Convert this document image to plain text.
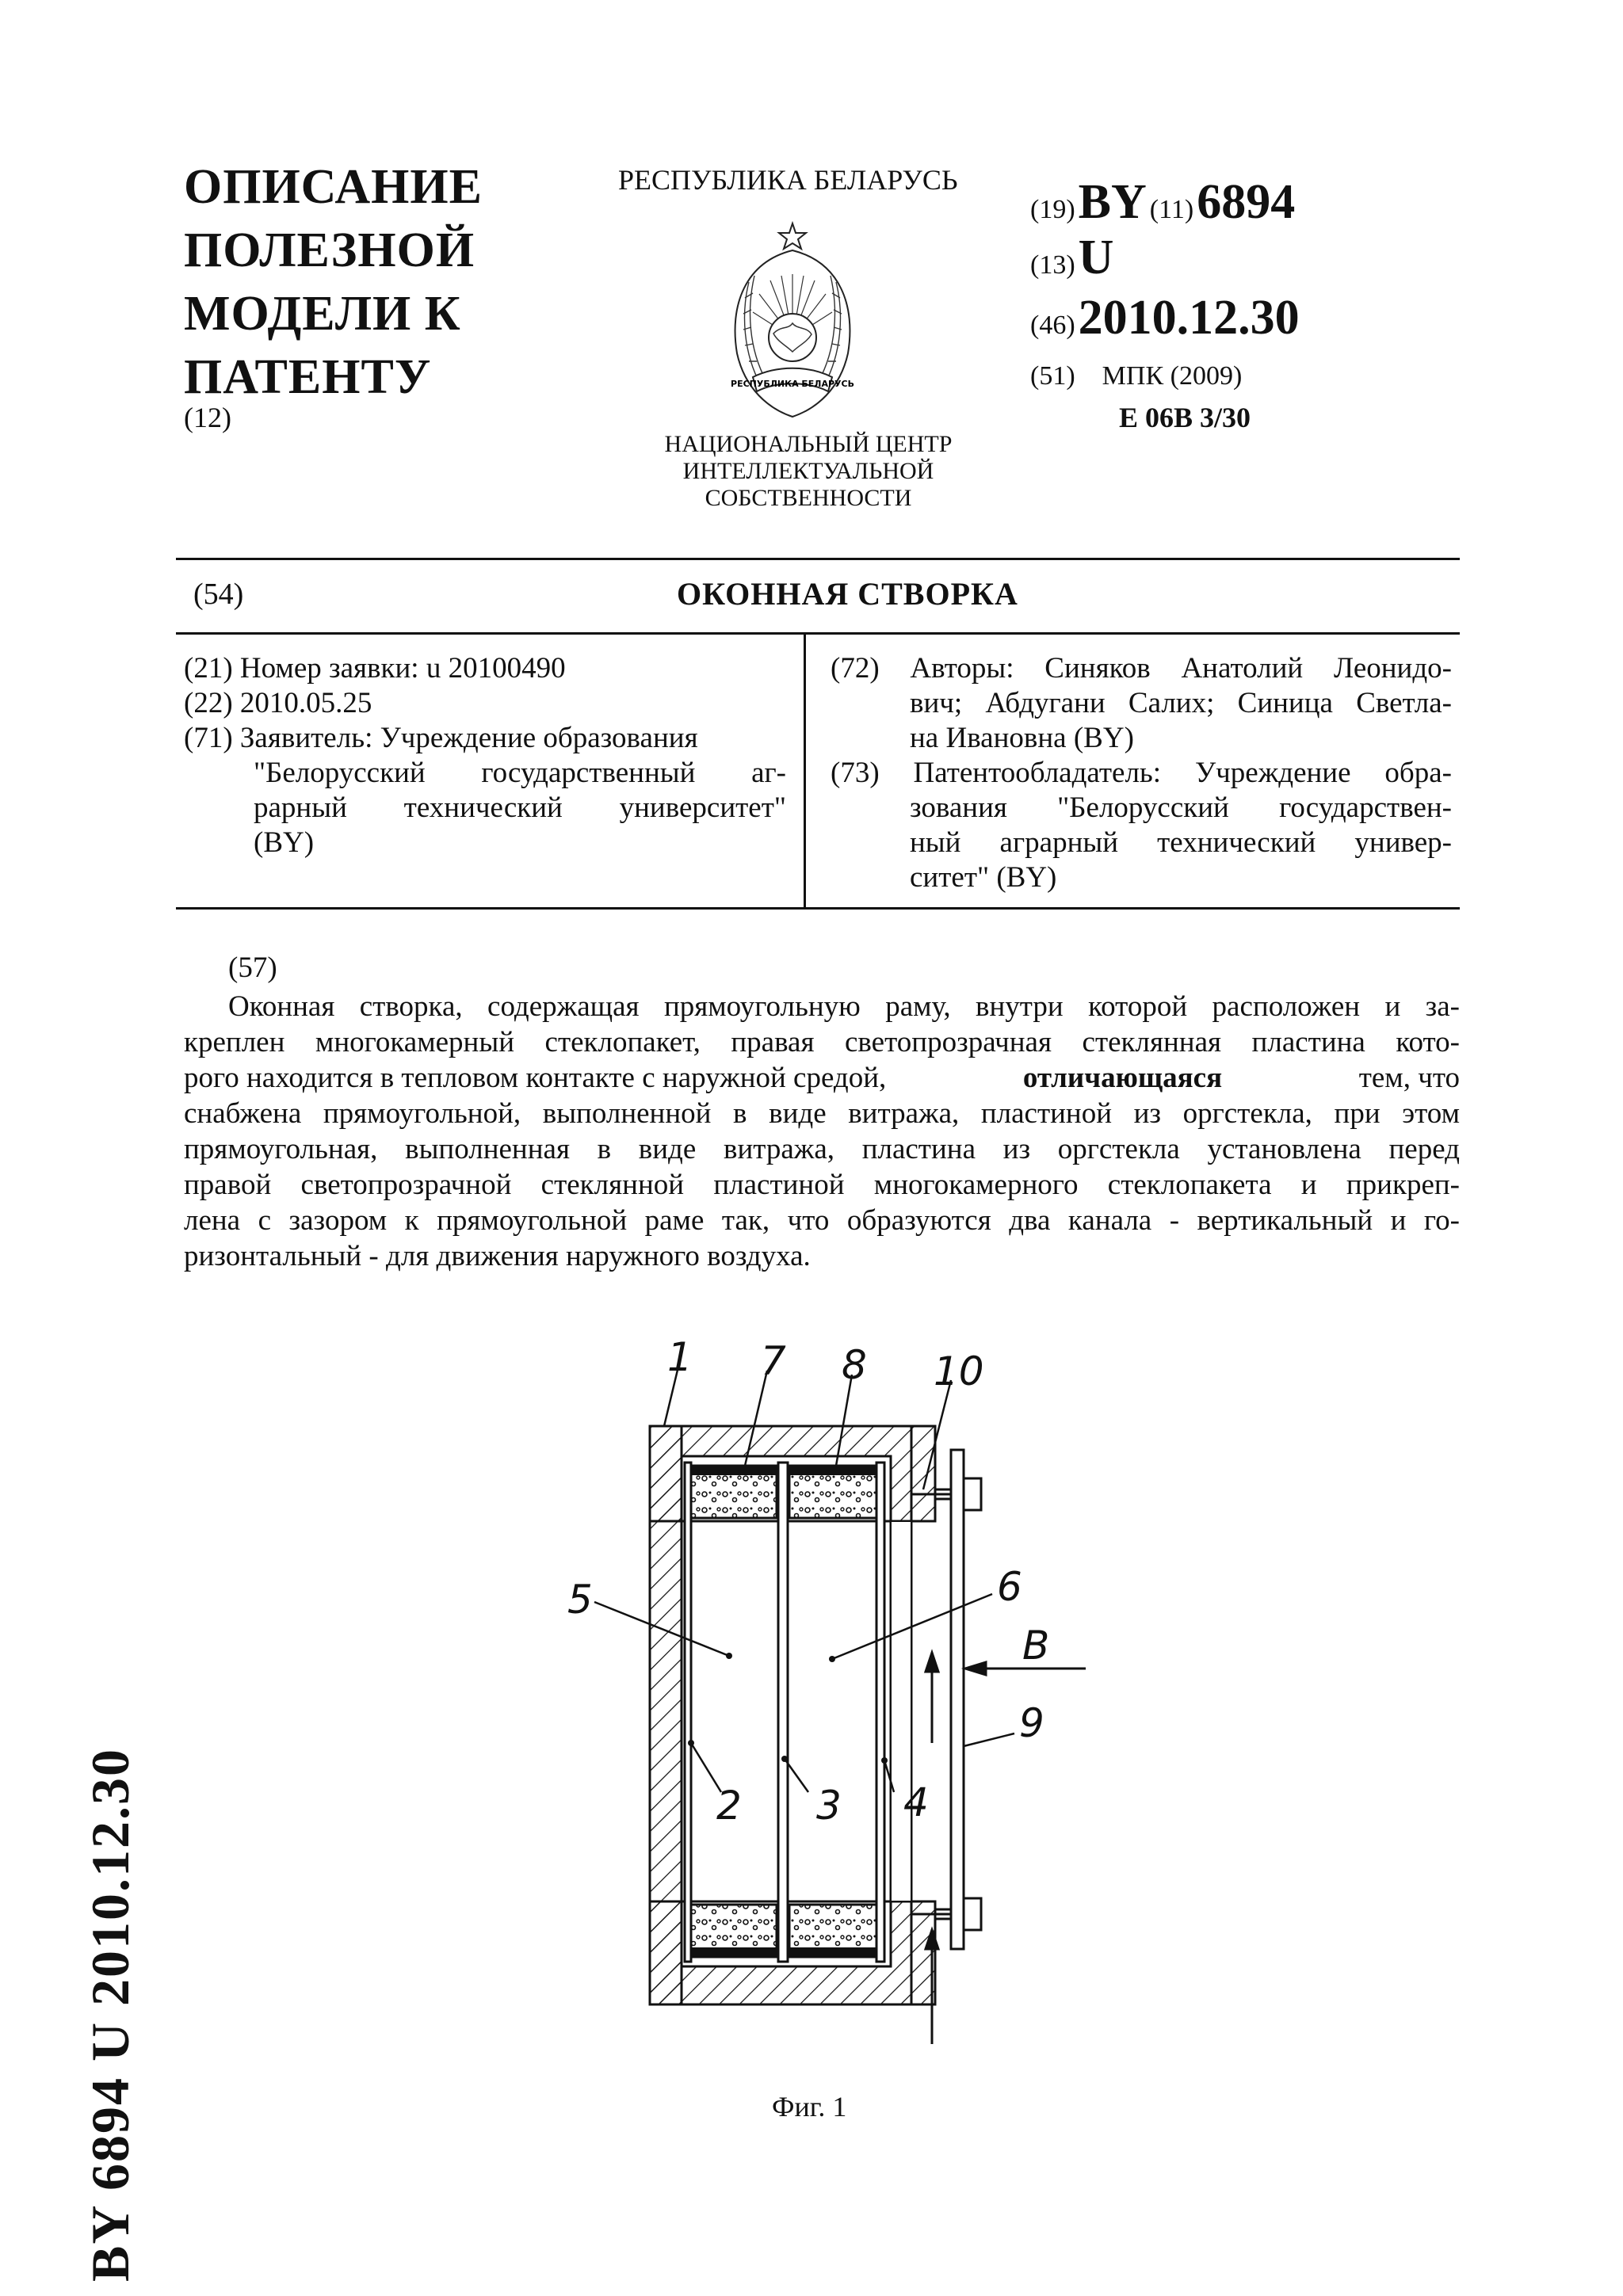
ОПИСАНИЕ
ПОЛЕЗНОЙ
МОДЕЛИ К
ПАТЕНТУ
(12)
РЕСПУБЛИКА БЕЛАРУСЬ
РЕСПУБЛИКА БЕЛАРУСЬ
НАЦИОНАЛЬНЫЙ ЦЕНТР
ИНТЕЛЛЕКТУАЛЬНОЙ
СОБСТВЕННОСТИ
(19) BY (11) 6894
(13) U
(46) 2010.12.30
(51) МПК (2009)
E 06B 3/30
(54)	ОКОННАЯ СТВОРКА
(21) Номер заявки: u 20100490
(22) 2010.05.25
(71) Заявитель: Учреждение образования
"Белорусский государственный аг-
рарный технический университет"
(BY)
(72) Авторы: Синяков Анатолий Леонидо-
вич; Абдугани Салих; Синица Светла-
на Ивановна (BY)
(73) Патентообладатель: Учреждение обра-
зования "Белорусский государствен-
ный аграрный технический универ-
ситет" (BY)
(57)
Оконная створка, содержащая прямоугольную раму, внутри которой расположен и за-
креплен многокамерный стеклопакет, правая светопрозрачная стеклянная пластина кото-
рого находится в тепловом контакте с наружной средой,	отличающаяся	тем, что
снабжена прямоугольной, выполненной в виде витража, пластиной из оргстекла, при этом
прямоугольная, выполненная в виде витража, пластина из оргстекла установлена перед
правой светопрозрачной стеклянной пластиной многокамерного стеклопакета и прикреп-
лена с зазором к прямоугольной раме так, что образуются два канала - вертикальный и го-
ризонтальный - для движения наружного воздуха.
1 7 8 10
5	6
B
9
2 3 4
Фиг. 1
BY 6894 U 2010.12.30
